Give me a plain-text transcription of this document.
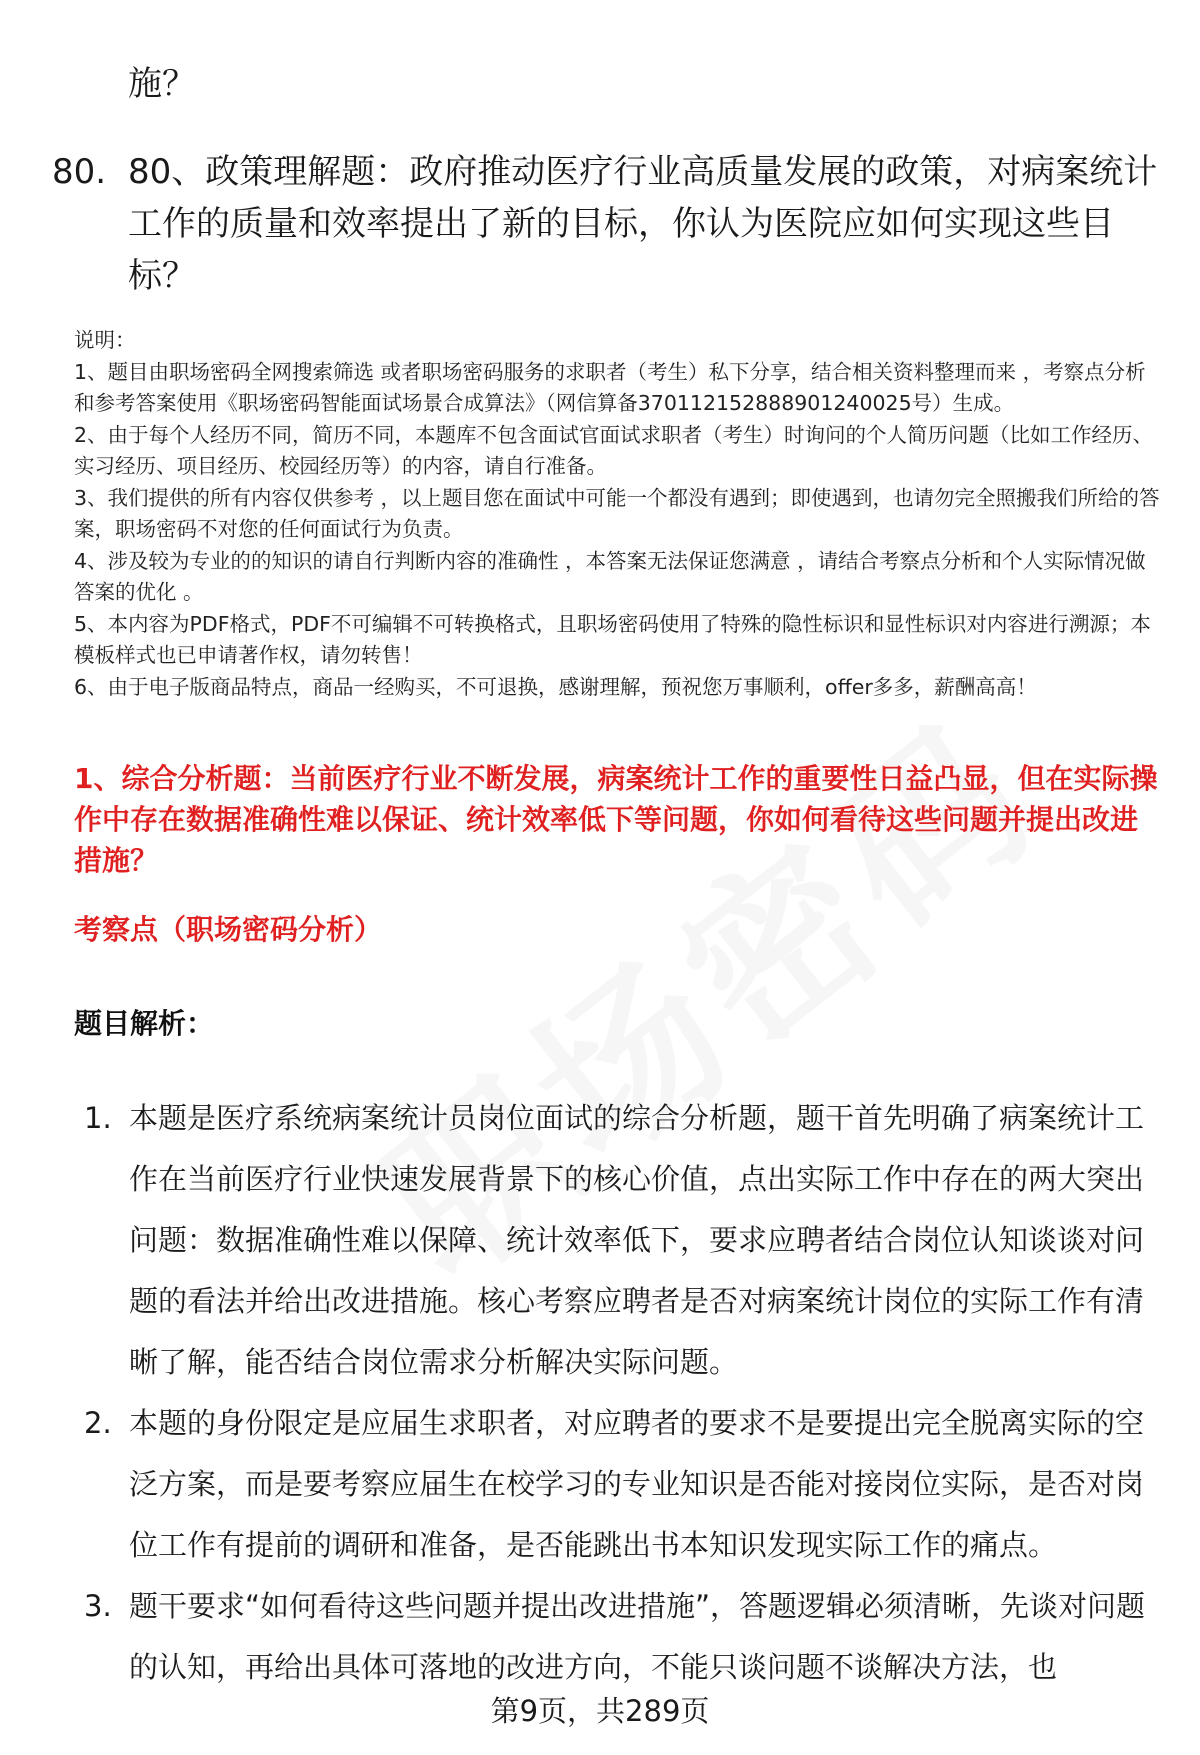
施？
80. 80、政策理解题：政府推动医疗行业高质量发展的政策，对病案统计工作的质量和效率提出了新的目标，你认为医院应如何实现这些目标？
说明：
1、题目由职场密码全网搜索筛选 或者职场密码服务的求职者（考生）私下分享，结合相关资料整理而来 ，考察点分析和参考答案使用《职场密码智能面试场景合成算法》（网信算备370112152888901240025号）生成。
2、由于每个人经历不同，简历不同，本题库不包含面试官面试求职者（考生）时询问的个人简历问题（比如工作经历、实习经历、项目经历、校园经历等）的内容，请自行准备。
3、我们提供的所有内容仅供参考 ，以上题目您在面试中可能一个都没有遇到；即使遇到，也请勿完全照搬我们所给的答案，职场密码不对您的任何面试行为负责。
4、涉及较为专业的的知识的请自行判断内容的准确性 ，本答案无法保证您满意 ，请结合考察点分析和个人实际情况做答案的优化 。
5、本内容为PDF格式，PDF不可编辑不可转换格式，且职场密码使用了特殊的隐性标识和显性标识对内容进行溯源；本模板样式也已申请著作权，请勿转售！
6、由于电子版商品特点，商品一经购买，不可退换，感谢理解，预祝您万事顺利，offer多多，薪酬高高！
1、综合分析题：当前医疗行业不断发展，病案统计工作的重要性日益凸显，但在实际操作中存在数据准确性难以保证、统计效率低下等问题，你如何看待这些问题并提出改进措施？
考察点（职场密码分析）
题目解析：
1. 本题是医疗系统病案统计员岗位面试的综合分析题，题干首先明确了病案统计工作在当前医疗行业快速发展背景下的核心价值，点出实际工作中存在的两大突出问题：数据准确性难以保障、统计效率低下，要求应聘者结合岗位认知谈谈对问题的看法并给出改进措施。核心考察应聘者是否对病案统计岗位的实际工作有清晰了解，能否结合岗位需求分析解决实际问题。
2. 本题的身份限定是应届生求职者，对应聘者的要求不是要提出完全脱离实际的空泛方案，而是要考察应届生在校学习的专业知识是否能对接岗位实际，是否对岗位工作有提前的调研和准备，是否能跳出书本知识发现实际工作的痛点。
3. 题干要求“如何看待这些问题并提出改进措施”，答题逻辑必须清晰，先谈对问题的认知，再给出具体可落地的改进方向，不能只谈问题不谈解决方法，也
第9页，共289页
